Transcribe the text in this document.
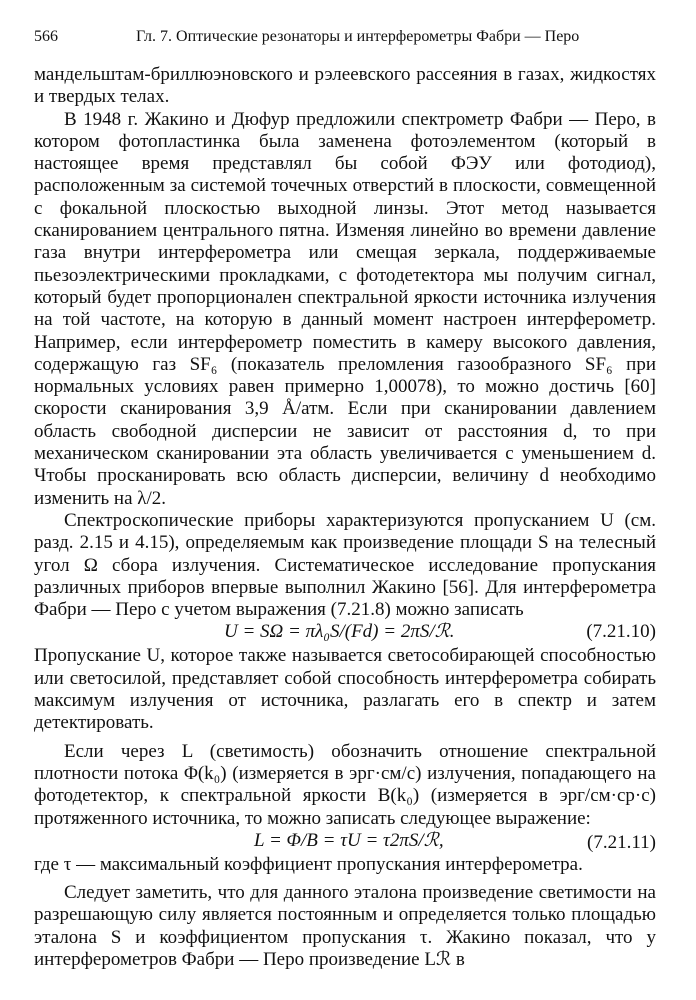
566	Гл. 7. Оптические резонаторы и интерферометры Фабри — Перо

мандельштам-бриллюэновского и рэлеевского рассеяния в газах, жидкостях и твердых телах.

В 1948 г. Жакино и Дюфур предложили спектрометр Фабри — Перо, в котором фотопластинка была заменена фотоэлементом (который в настоящее время представлял бы собой ФЭУ или фотодиод), расположенным за системой точечных отверстий в плоскости, совмещенной с фокальной плоскостью выходной линзы. Этот метод называется сканированием центрального пятна. Изменяя линейно во времени давление газа внутри интерферометра или смещая зеркала, поддерживаемые пьезоэлектрическими прокладками, с фотодетектора мы получим сигнал, который будет пропорционален спектральной яркости источника излучения на той частоте, на которую в данный момент настроен интерферометр. Например, если интерферометр поместить в камеру высокого давления, содержащую газ SF₆ (показатель преломления газообразного SF₆ при нормальных условиях равен примерно 1,00078), то можно достичь [60] скорости сканирования 3,9 Å/атм. Если при сканировании давлением область свободной дисперсии не зависит от расстояния d, то при механическом сканировании эта область увеличивается с уменьшением d. Чтобы просканировать всю область дисперсии, величину d необходимо изменить на λ/2.

Спектроскопические приборы характеризуются пропусканием U (см. разд. 2.15 и 4.15), определяемым как произведение площади S на телесный угол Ω сбора излучения. Систематическое исследование пропускания различных приборов впервые выполнил Жакино [56]. Для интерферометра Фабри — Перо с учетом выражения (7.21.8) можно записать

U = SΩ = πλ₀S/(Fd) = 2πS/ℛ.	(7.21.10)

Пропускание U, которое также называется светособирающей способностью или светосилой, представляет собой способность интерферометра собирать максимум излучения от источника, разлагать его в спектр и затем детектировать.

Если через L (светимость) обозначить отношение спектральной плотности потока Φ(k₀) (измеряется в эрг·см/с) излучения, попадающего на фотодетектор, к спектральной яркости B(k₀) (измеряется в эрг/см·ср·с) протяженного источника, то можно записать следующее выражение:

L = Φ/B = τU = τ2πS/ℛ,	(7.21.11)

где τ — максимальный коэффициент пропускания интерферометра.

Следует заметить, что для данного эталона произведение светимости на разрешающую силу является постоянным и определяется только площадью эталона S и коэффициентом пропускания τ. Жакино показал, что у интерферометров Фабри — Перо произведение Lℛ в
